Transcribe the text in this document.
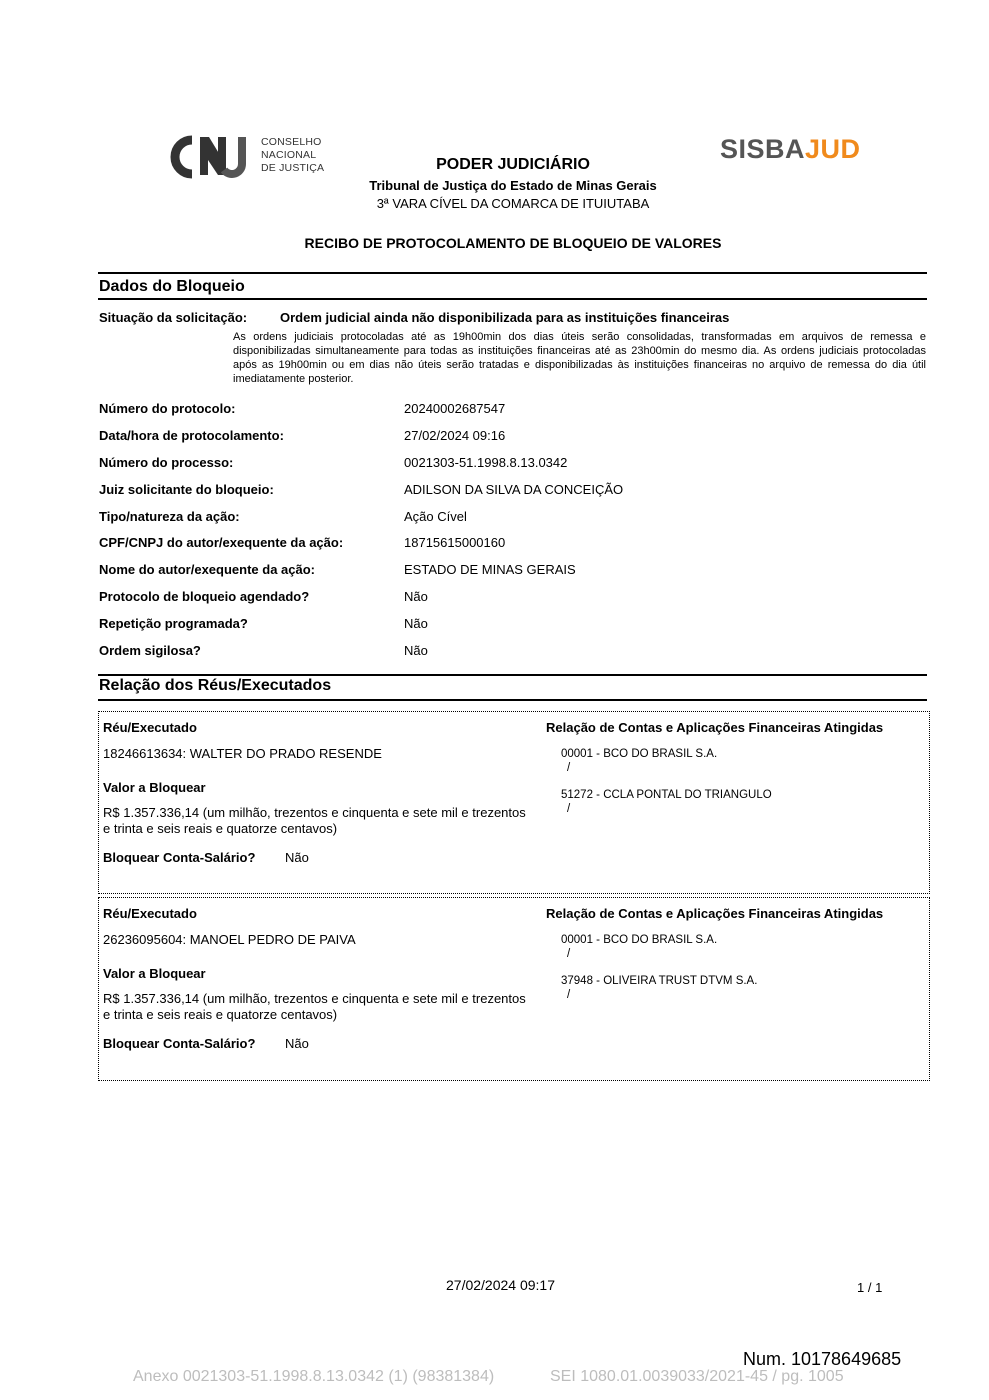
CONSELHO
NACIONAL
DE JUSTIÇA
SISBAJUD
PODER JUDICIÁRIO
Tribunal de Justiça do Estado de Minas Gerais
3ª VARA CÍVEL DA COMARCA DE ITUIUTABA
RECIBO DE PROTOCOLAMENTO DE BLOQUEIO DE VALORES
Dados do Bloqueio
Situação da solicitação:	Ordem judicial ainda não disponibilizada para as instituições financeiras
As ordens judiciais protocoladas até as 19h00min dos dias úteis serão consolidadas, transformadas em arquivos de remessa e disponibilizadas simultaneamente para todas as instituições financeiras até as 23h00min do mesmo dia. As ordens judiciais protocoladas após as 19h00min ou em dias não úteis serão tratadas e disponibilizadas às instituições financeiras no arquivo de remessa do dia útil imediatamente posterior.
Número do protocolo:	20240002687547
Data/hora de protocolamento:	27/02/2024 09:16
Número do processo:	0021303-51.1998.8.13.0342
Juiz solicitante do bloqueio:	ADILSON DA SILVA DA CONCEIÇÃO
Tipo/natureza da ação:	Ação Cível
CPF/CNPJ do autor/exequente da ação:	18715615000160
Nome do autor/exequente da ação:	ESTADO DE MINAS GERAIS
Protocolo de bloqueio agendado?	Não
Repetição programada?	Não
Ordem sigilosa?	Não
Relação dos Réus/Executados
Réu/Executado
18246613634: WALTER DO PRADO RESENDE
Valor a Bloquear
R$ 1.357.336,14 (um milhão, trezentos e cinquenta e sete mil e trezentos
e trinta e seis reais e quatorze centavos)
Bloquear Conta-Salário? Não
Relação de Contas e Aplicações Financeiras Atingidas
00001 - BCO DO BRASIL S.A.
/
51272 - CCLA PONTAL DO TRIANGULO
/
Réu/Executado
26236095604: MANOEL PEDRO DE PAIVA
Valor a Bloquear
R$ 1.357.336,14 (um milhão, trezentos e cinquenta e sete mil e trezentos
e trinta e seis reais e quatorze centavos)
Bloquear Conta-Salário? Não
Relação de Contas e Aplicações Financeiras Atingidas
00001 - BCO DO BRASIL S.A.
/
37948 - OLIVEIRA TRUST DTVM S.A.
/
27/02/2024 09:17	1 / 1
Num. 10178649685
Anexo 0021303-51.1998.8.13.0342 (1) (98381384)	SEI 1080.01.0039033/2021-45 / pg. 1005
